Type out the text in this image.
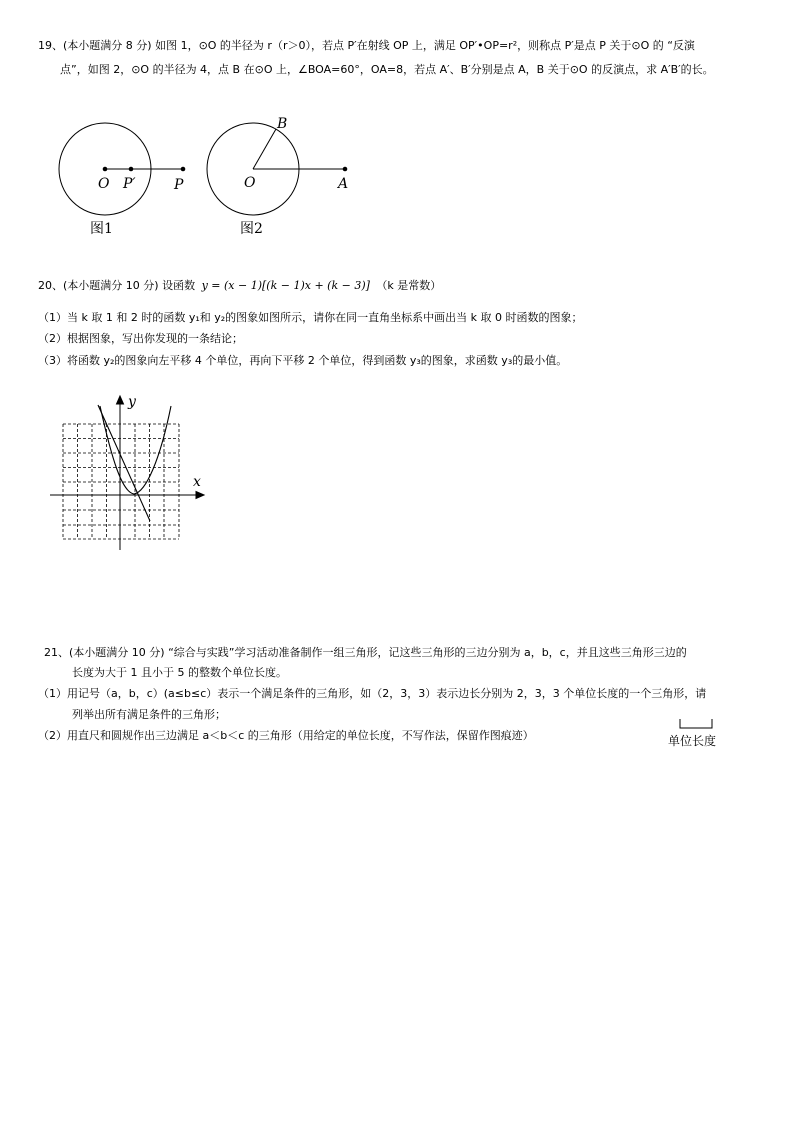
19、(本小题满分 8 分) 如图 1，⊙O 的半径为 r（r＞0），若点 P′在射线 OP 上，满足 OP′•OP=r²，则称点 P′是点 P 关于⊙O 的 “反演
点”，如图 2，⊙O 的半径为 4，点 B 在⊙O 上，∠BOA=60°，OA=8，若点 A′、B′分别是点 A，B 关于⊙O 的反演点，求 A′B′的长。
O P′	P
图1
B
O	A
图2
20、(本小题满分 10 分) 设函数 y = (x − 1)[(k − 1)x + (k − 3)] （k 是常数）
（1）当 k 取 1 和 2 时的函数 y₁和 y₂的图象如图所示，请你在同一直角坐标系中画出当 k 取 0 时函数的图象；
（2）根据图象，写出你发现的一条结论；
（3）将函数 y₂的图象向左平移 4 个单位，再向下平移 2 个单位，得到函数 y₃的图象，求函数 y₃的最小值。
y
x
21、(本小题满分 10 分) “综合与实践”学习活动准备制作一组三角形，记这些三角形的三边分别为 a，b，c，并且这些三角形三边的
长度为大于 1 且小于 5 的整数个单位长度。
（1）用记号（a，b，c）(a≤b≤c）表示一个满足条件的三角形，如（2，3，3）表示边长分别为 2，3，3 个单位长度的一个三角形，请
列举出所有满足条件的三角形；
（2）用直尺和圆规作出三边满足 a＜b＜c 的三角形（用给定的单位长度，不写作法，保留作图痕迹）	单位长度
